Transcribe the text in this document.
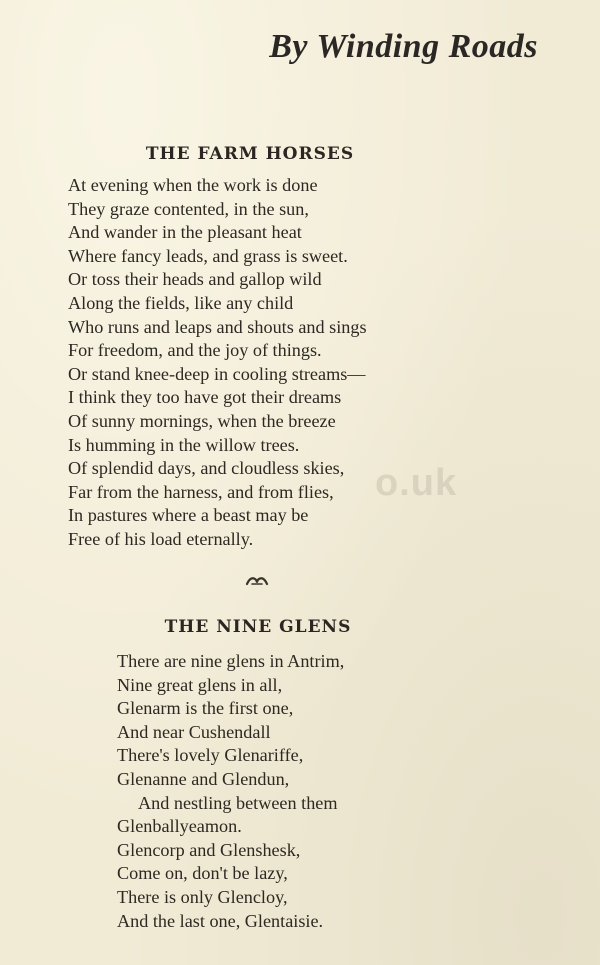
By Winding Roads
THE FARM HORSES
At evening when the work is done
They graze contented, in the sun,
And wander in the pleasant heat
Where fancy leads, and grass is sweet.
Or toss their heads and gallop wild
Along the fields, like any child
Who runs and leaps and shouts and sings
For freedom, and the joy of things.
Or stand knee-deep in cooling streams—
I think they too have got their dreams
Of sunny mornings, when the breeze
Is humming in the willow trees.
Of splendid days, and cloudless skies,
Far from the harness, and from flies,
In pastures where a beast may be
Free of his load eternally.
THE NINE GLENS
There are nine glens in Antrim,
Nine great glens in all,
Glenarm is the first one,
And near Cushendall
There's lovely Glenariffe,
Glenanne and Glendun,
And nestling between them
Glenballyeamon.
Glencorp and Glenshesk,
Come on, don't be lazy,
There is only Glencloy,
And the last one, Glentaisie.
o.uk
